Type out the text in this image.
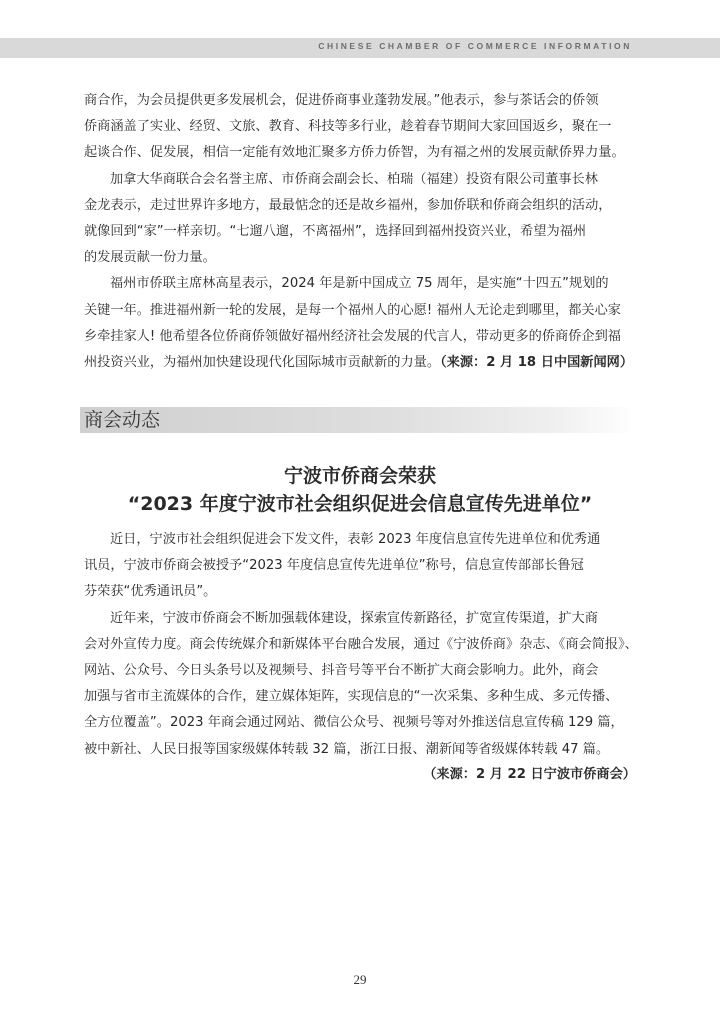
CHINESE CHAMBER OF COMMERCE INFORMATION

商合作，为会员提供更多发展机会，促进侨商事业蓬勃发展。”他表示，参与茶话会的侨领
侨商涵盖了实业、经贸、文旅、教育、科技等多行业，趁着春节期间大家回国返乡，聚在一
起谈合作、促发展，相信一定能有效地汇聚多方侨力侨智，为有福之州的发展贡献侨界力量。

加拿大华商联合会名誉主席、市侨商会副会长、柏瑞（福建）投资有限公司董事长林
金龙表示，走过世界许多地方，最最惦念的还是故乡福州，参加侨联和侨商会组织的活动，
就像回到“家”一样亲切。“七遛八遛，不离福州”，选择回到福州投资兴业，希望为福州
的发展贡献一份力量。

福州市侨联主席林高星表示，2024 年是新中国成立 75 周年，是实施“十四五”规划的
关键一年。推进福州新一轮的发展，是每一个福州人的心愿! 福州人无论走到哪里，都关心家
乡牵挂家人! 他希望各位侨商侨领做好福州经济社会发展的代言人，带动更多的侨商侨企到福
州投资兴业，为福州加快建设现代化国际城市贡献新的力量。（来源：2 月 18 日中国新闻网）

商会动态
宁波市侨商会荣获
“2023 年度宁波市社会组织促进会信息宣传先进单位”

近日，宁波市社会组织促进会下发文件，表彰 2023 年度信息宣传先进单位和优秀通
讯员，宁波市侨商会被授予“2023 年度信息宣传先进单位”称号，信息宣传部部长鲁冠
芬荣获“优秀通讯员”。

近年来，宁波市侨商会不断加强载体建设，探索宣传新路径，扩宽宣传渠道，扩大商
会对外宣传力度。商会传统媒介和新媒体平台融合发展，通过《宁波侨商》杂志、《商会简报》、
网站、公众号、今日头条号以及视频号、抖音号等平台不断扩大商会影响力。此外，商会
加强与省市主流媒体的合作，建立媒体矩阵，实现信息的“一次采集、多种生成、多元传播、
全方位覆盖”。2023 年商会通过网站、微信公众号、视频号等对外推送信息宣传稿 129 篇，
被中新社、人民日报等国家级媒体转载 32 篇，浙江日报、潮新闻等省级媒体转载 47 篇。

（来源：2 月 22 日宁波市侨商会）
29
